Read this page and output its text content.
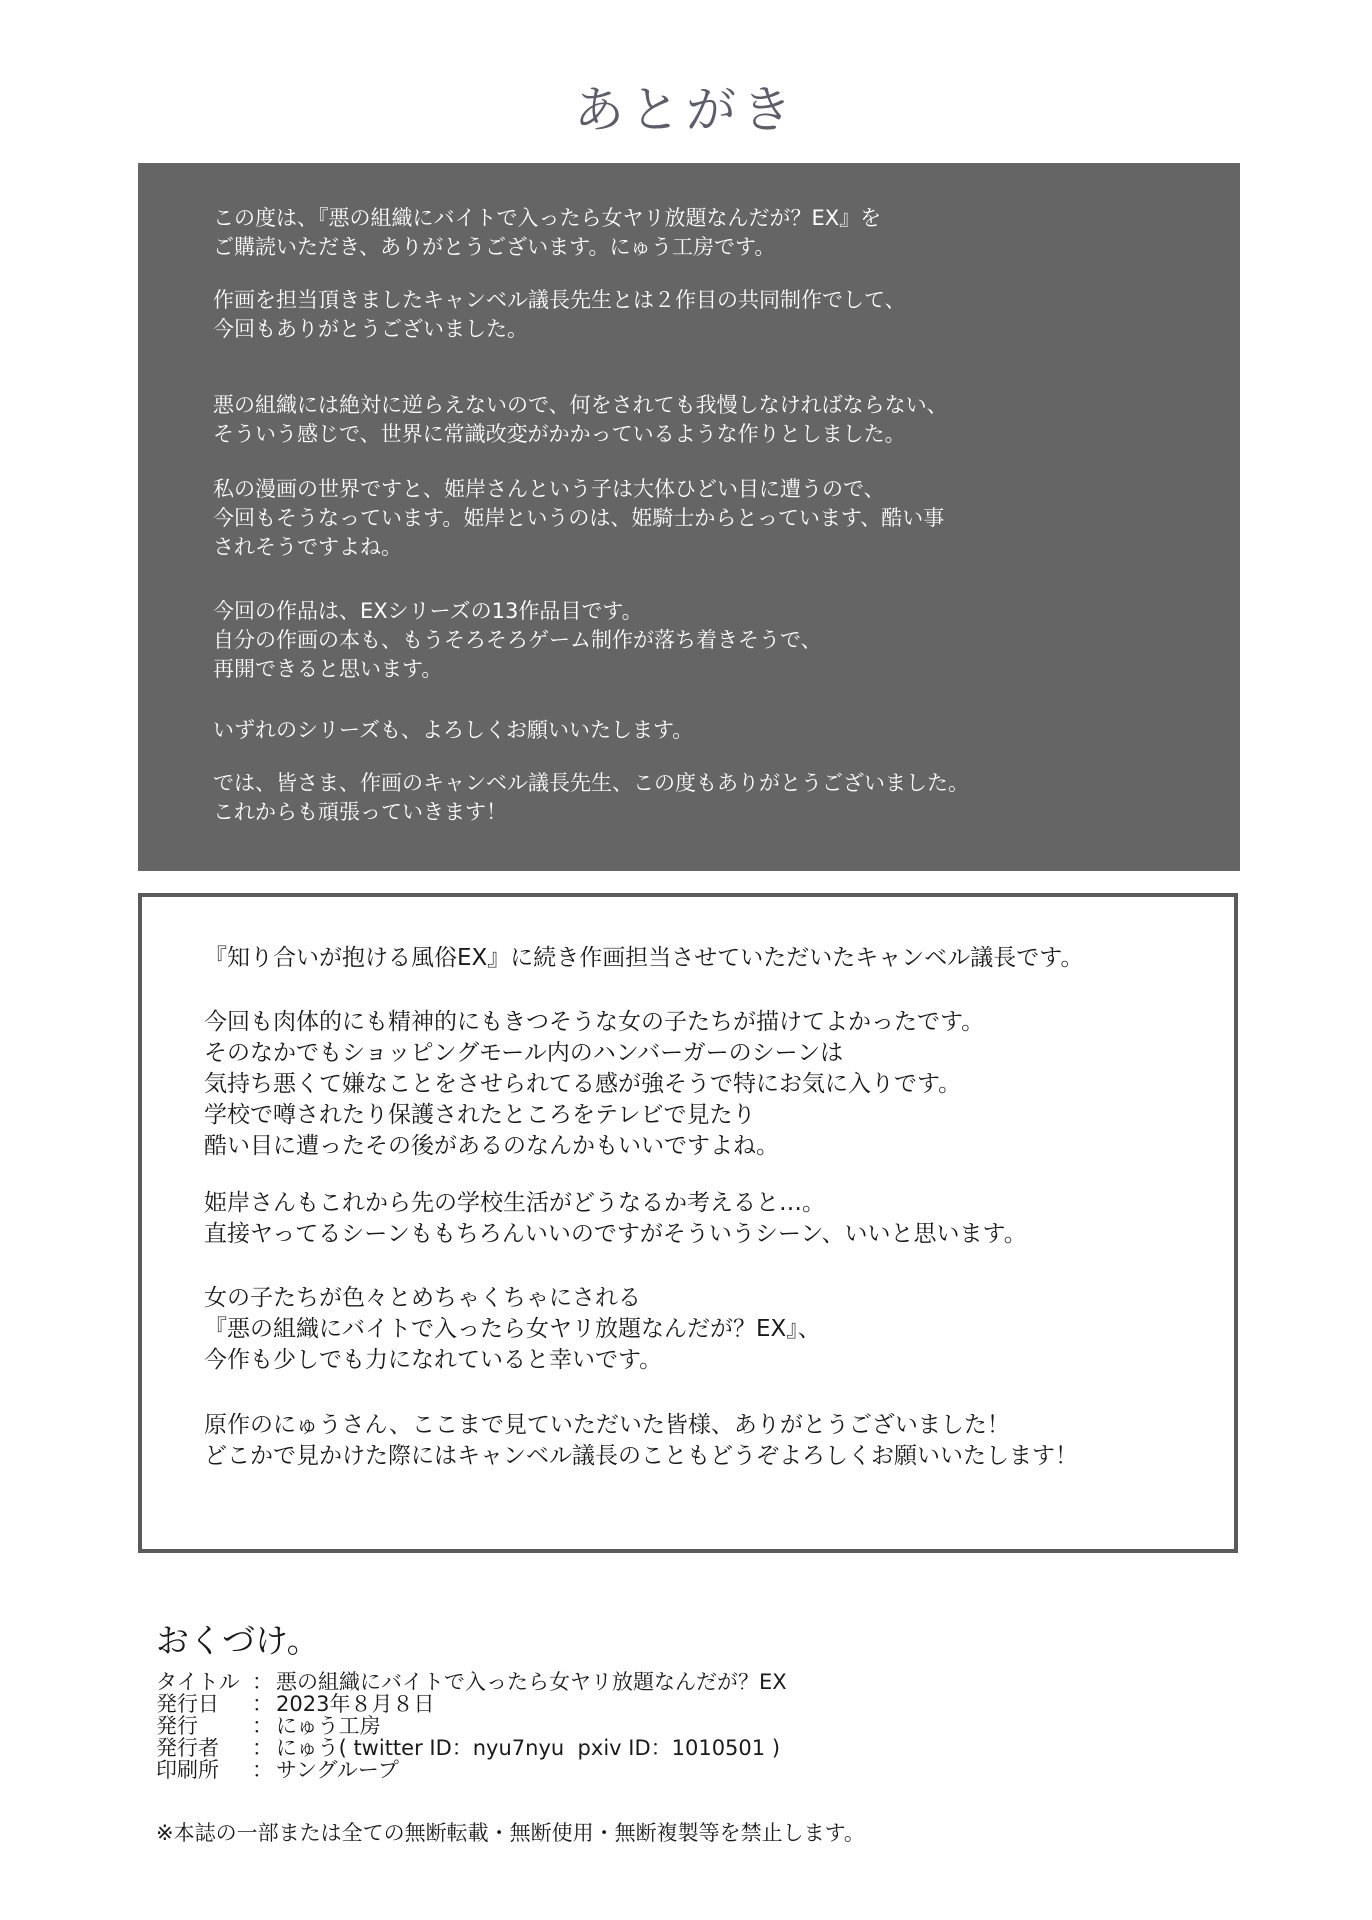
あとがき

この度は、『悪の組織にバイトで入ったら女ヤリ放題なんだが？EX』を
ご購読いただき、ありがとうございます。にゅう工房です。

作画を担当頂きましたキャンベル議長先生とは２作目の共同制作でして、
今回もありがとうございました。

悪の組織には絶対に逆らえないので、何をされても我慢しなければならない、
そういう感じで、世界に常識改変がかかっているような作りとしました。

私の漫画の世界ですと、姫岸さんという子は大体ひどい目に遭うので、
今回もそうなっています。姫岸というのは、姫騎士からとっています、酷い事
されそうですよね。

今回の作品は、EXシリーズの13作品目です。
自分の作画の本も、もうそろそろゲーム制作が落ち着きそうで、
再開できると思います。

いずれのシリーズも、よろしくお願いいたします。

では、皆さま、作画のキャンベル議長先生、この度もありがとうございました。
これからも頑張っていきます！

『知り合いが抱ける風俗EX』に続き作画担当させていただいたキャンベル議長です。

今回も肉体的にも精神的にもきつそうな女の子たちが描けてよかったです。
そのなかでもショッピングモール内のハンバーガーのシーンは
気持ち悪くて嫌なことをさせられてる感が強そうで特にお気に入りです。
学校で噂されたり保護されたところをテレビで見たり
酷い目に遭ったその後があるのなんかもいいですよね。

姫岸さんもこれから先の学校生活がどうなるか考えると…。
直接ヤってるシーンももちろんいいのですがそういうシーン、いいと思います。

女の子たちが色々とめちゃくちゃにされる
『悪の組織にバイトで入ったら女ヤリ放題なんだが？EX』、
今作も少しでも力になれていると幸いです。

原作のにゅうさん、ここまで見ていただいた皆様、ありがとうございました！
どこかで見かけた際にはキャンベル議長のこともどうぞよろしくお願いいたします！

おくづけ。
タイトル ： 悪の組織にバイトで入ったら女ヤリ放題なんだが？EX
発行日	： 2023年８月８日
発行	： にゅう工房
発行者	： にゅう( twitter ID：nyu7nyu  pxiv ID：1010501 )
印刷所	： サングループ
※本誌の一部または全ての無断転載・無断使用・無断複製等を禁止します。
